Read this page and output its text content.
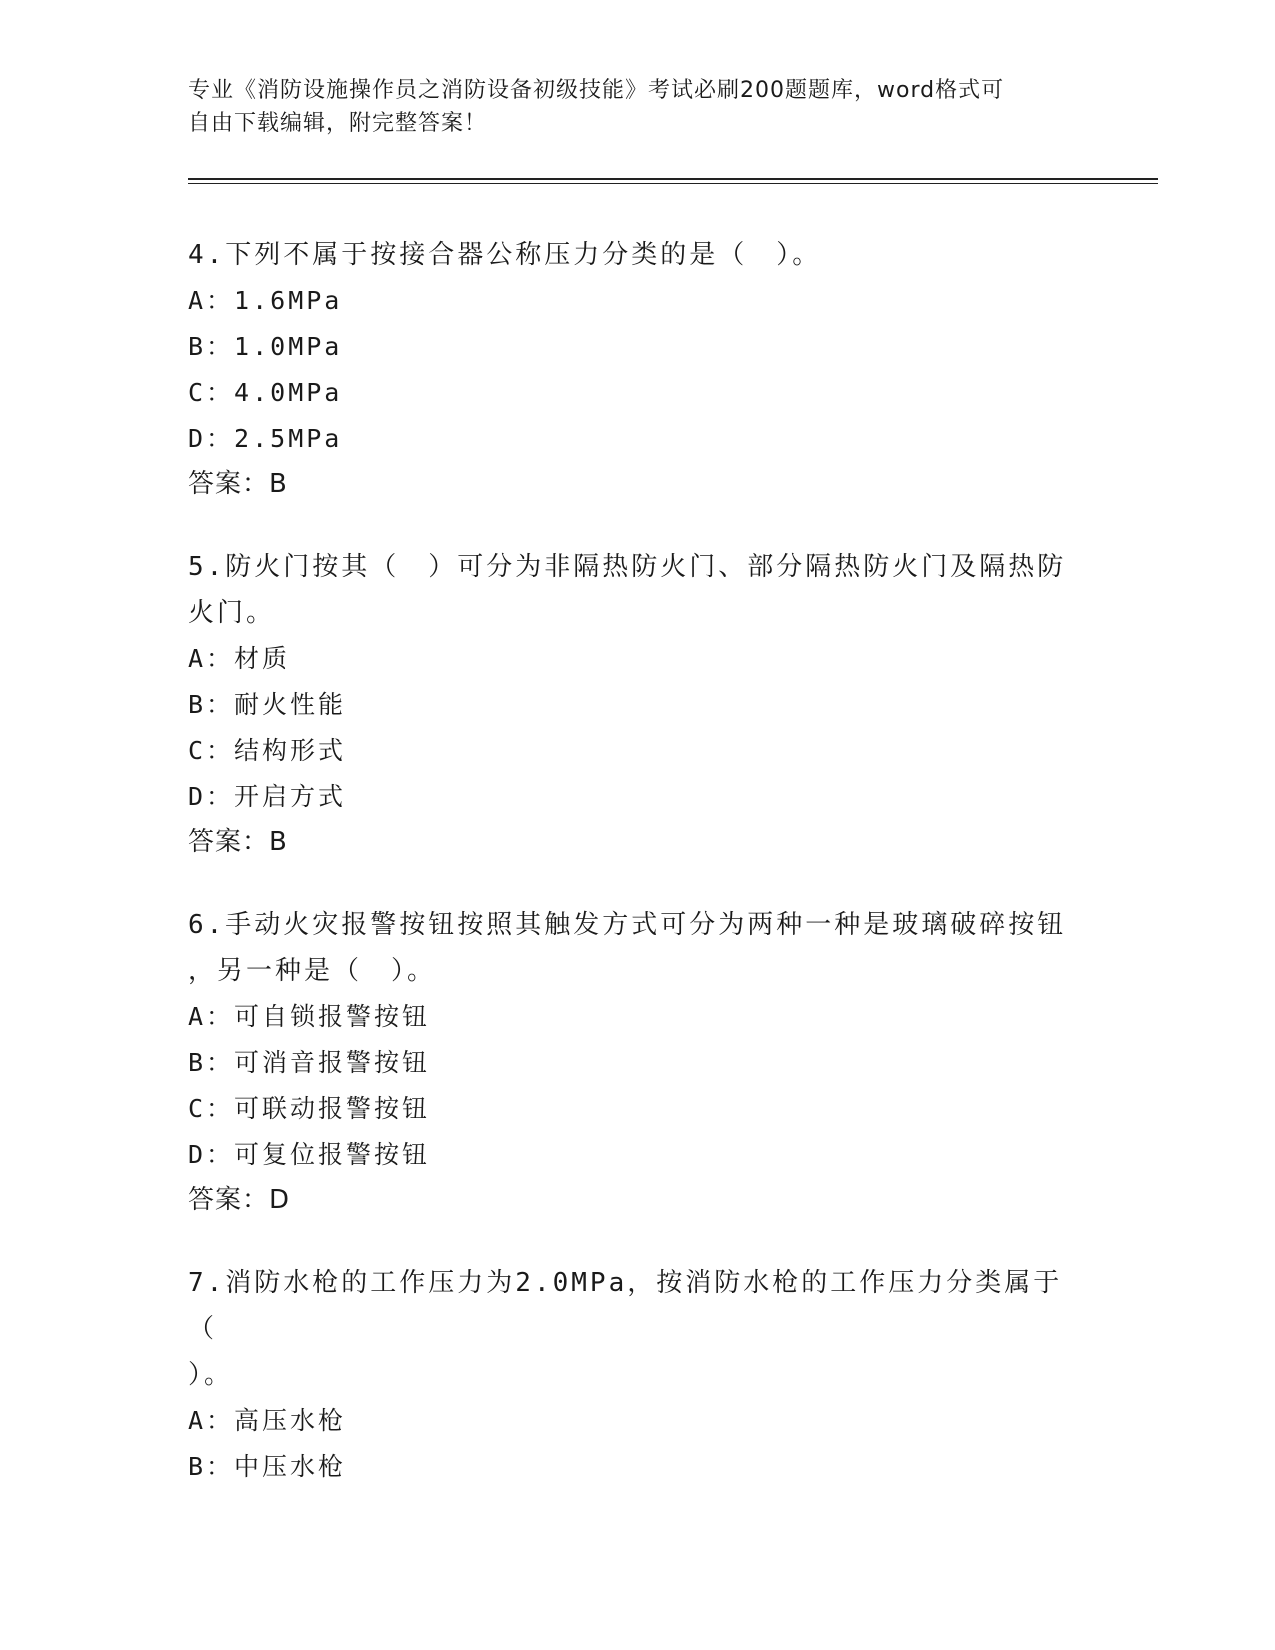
专业《消防设施操作员之消防设备初级技能》考试必刷200题题库，word格式可
自由下载编辑，附完整答案！

4.下列不属于按接合器公称压力分类的是（　）。

A：1.6MPa

B：1.0MPa

C：4.0MPa

D：2.5MPa

答案：B

5.防火门按其（　）可分为非隔热防火门、部分隔热防火门及隔热防

火门。

A：材质

B：耐火性能

C：结构形式

D：开启方式

答案：B

6.手动火灾报警按钮按照其触发方式可分为两种一种是玻璃破碎按钮

，另一种是（　）。

A：可自锁报警按钮

B：可消音报警按钮

C：可联动报警按钮

D：可复位报警按钮

答案：D

7.消防水枪的工作压力为2.0MPa，按消防水枪的工作压力分类属于（

）。

A：高压水枪

B：中压水枪
